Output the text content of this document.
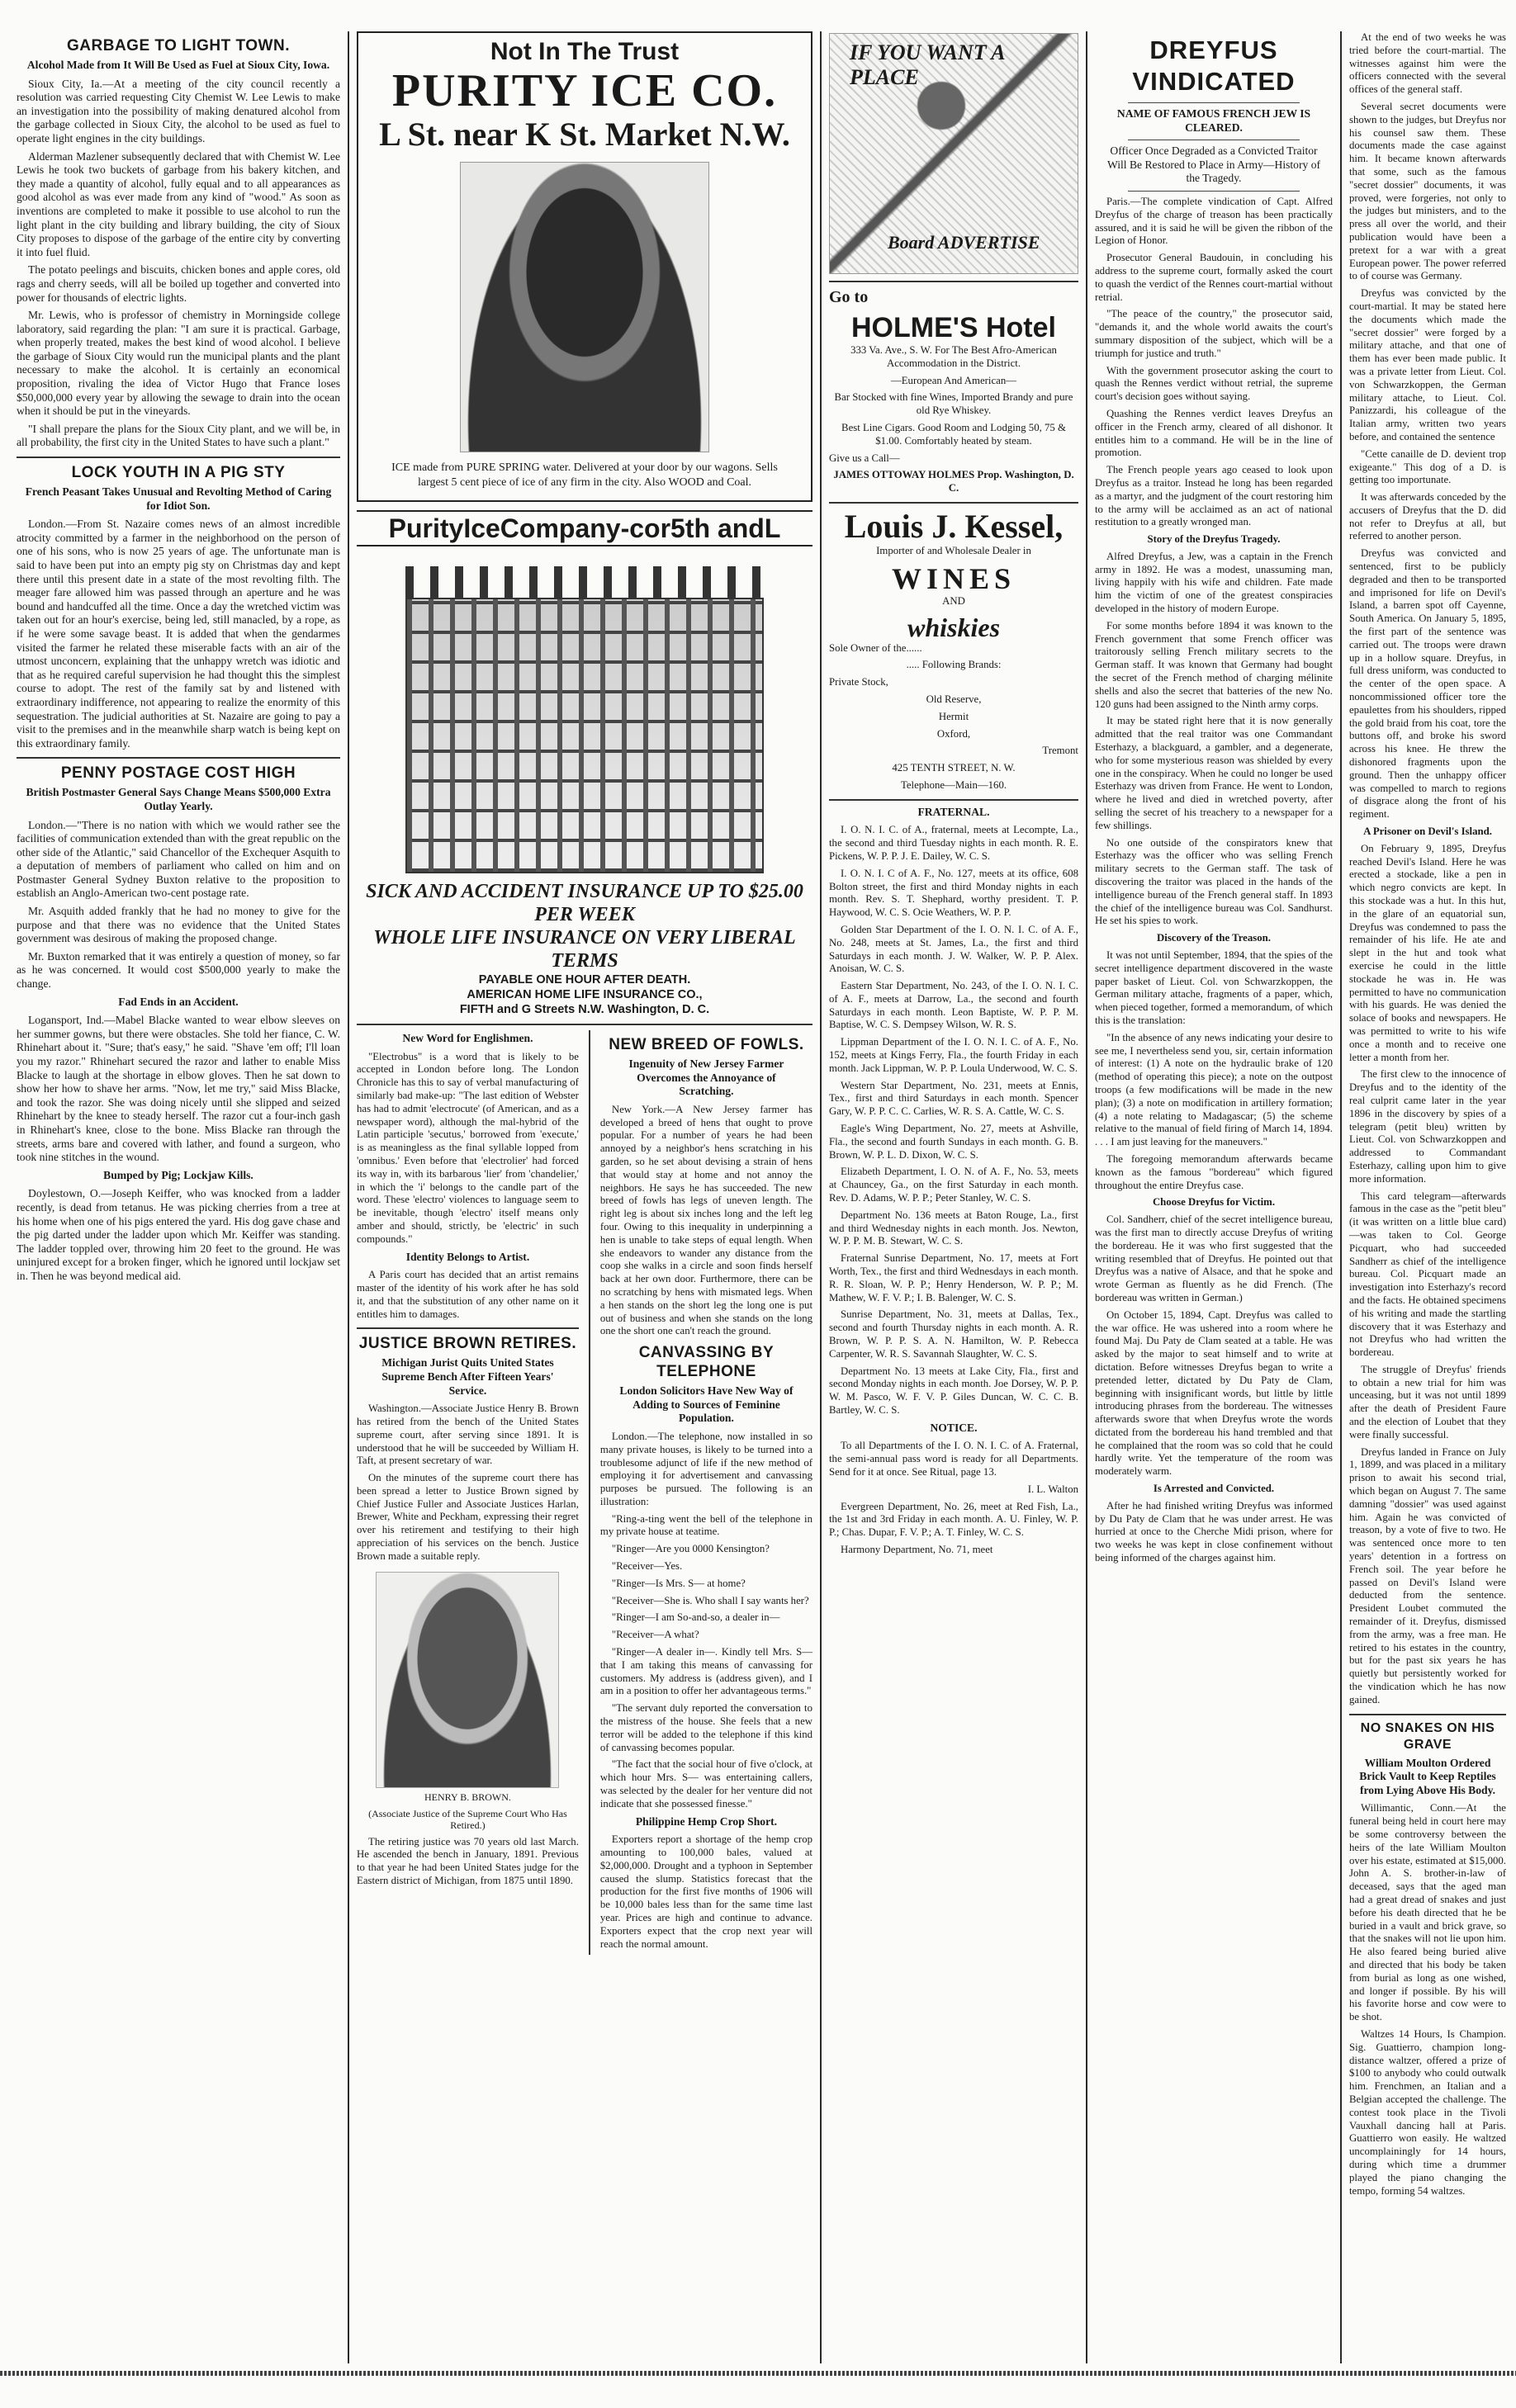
GARBAGE TO LIGHT TOWN.
Alcohol Made from It Will Be Used as Fuel at Sioux City, Iowa.

Sioux City, Ia.—At a meeting of the city council recently a resolution was carried requesting City Chemist W. Lee Lewis to make an investigation into the possibility of making denatured alcohol from the garbage collected in Sioux City, the alcohol to be used as fuel to operate light engines in the city buildings.

Alderman Mazlener subsequently declared that with Chemist W. Lee Lewis he took two buckets of garbage from his bakery kitchen, and they made a quantity of alcohol, fully equal and to all appearances as good alcohol as was ever made from any kind of "wood." As soon as inventions are completed to make it possible to use alcohol to run the light plant in the city building and library building, the city of Sioux City proposes to dispose of the garbage of the entire city by converting it into fuel fluid.

The potato peelings and biscuits, chicken bones and apple cores, old rags and cherry seeds, will all be boiled up together and converted into power for thousands of electric lights.

Mr. Lewis, who is professor of chemistry in Morningside college laboratory, said regarding the plan: "I am sure it is practical. Garbage, when properly treated, makes the best kind of wood alcohol. I believe the garbage of Sioux City would run the municipal plants and the plant necessary to make the alcohol. It is certainly an economical proposition, rivaling the idea of Victor Hugo that France loses $50,000,000 every year by allowing the sewage to drain into the ocean when it should be put in the vineyards.

"I shall prepare the plans for the Sioux City plant, and we will be, in all probability, the first city in the United States to have such a plant."

LOCK YOUTH IN A PIG STY
French Peasant Takes Unusual and Revolting Method of Caring for Idiot Son.

London.—From St. Nazaire comes news of an almost incredible atrocity committed by a farmer in the neighborhood on the person of one of his sons, who is now 25 years of age. The unfortunate man is said to have been put into an empty pig sty on Christmas day and kept there until this present date in a state of the most revolting filth. The meager fare allowed him was passed through an aperture and he was bound and handcuffed all the time. Once a day the wretched victim was taken out for an hour's exercise, being led, still manacled, by a rope, as if he were some savage beast. It is added that when the gendarmes visited the farmer he related these miserable facts with an air of the utmost unconcern, explaining that the unhappy wretch was idiotic and that as he required careful supervision he had thought this the simplest course to adopt. The rest of the family sat by and listened with extraordinary indifference, not appearing to realize the enormity of this sequestration. The judicial authorities at St. Nazaire are going to pay a visit to the premises and in the meanwhile sharp watch is being kept on this extraordinary family.

PENNY POSTAGE COST HIGH
British Postmaster General Says Change Means $500,000 Extra Outlay Yearly.

London.—"There is no nation with which we would rather see the facilities of communication extended than with the great republic on the other side of the Atlantic," said Chancellor of the Exchequer Asquith to a deputation of members of parliament who called on him and on Postmaster General Sydney Buxton relative to the proposition to establish an Anglo-American two-cent postage rate.

Mr. Asquith added frankly that he had no money to give for the purpose and that there was no evidence that the United States government was desirous of making the proposed change.

Mr. Buxton remarked that it was entirely a question of money, so far as he was concerned. It would cost $500,000 yearly to make the change.

Fad Ends in an Accident.

Logansport, Ind.—Mabel Blacke wanted to wear elbow sleeves on her summer gowns, but there were obstacles. She told her fiance, C. W. Rhinehart about it. "Sure; that's easy," he said. "Shave 'em off; I'll loan you my razor." Rhinehart secured the razor and lather to enable Miss Blacke to laugh at the shortage in elbow gloves. Then he sat down to show her how to shave her arms. "Now, let me try," said Miss Blacke, and took the razor. She was doing nicely until she slipped and seized Rhinehart by the knee to steady herself. The razor cut a four-inch gash in Rhinehart's knee, close to the bone. Miss Blacke ran through the streets, arms bare and covered with lather, and found a surgeon, who took nine stitches in the wound.

Bumped by Pig; Lockjaw Kills.

Doylestown, O.—Joseph Keiffer, who was knocked from a ladder recently, is dead from tetanus. He was picking cherries from a tree at his home when one of his pigs entered the yard. His dog gave chase and the pig darted under the ladder upon which Mr. Keiffer was standing. The ladder toppled over, throwing him 20 feet to the ground. He was uninjured except for a broken finger, which he ignored until lockjaw set in. Then he was beyond medical aid.

Not In The Trust
PURITY ICE CO.
L St. near K St. Market N.W.

ICE made from PURE SPRING water. Delivered at your door by our wagons. Sells largest 5 cent piece of ice of any firm in the city. Also WOOD and Coal.

PurityIceCompany-cor5th andL
SICK AND ACCIDENT INSURANCE UP TO $25.00 PER WEEK
WHOLE LIFE INSURANCE ON VERY LIBERAL TERMS
PAYABLE ONE HOUR AFTER DEATH.
AMERICAN HOME LIFE INSURANCE CO.,
FIFTH and G Streets N.W. Washington, D. C.
New Word for Englishmen.

"Electrobus" is a word that is likely to be accepted in London before long. The London Chronicle has this to say of verbal manufacturing of similarly bad make-up: "The last edition of Webster has had to admit 'electrocute' (of American, and as a newspaper word), although the mal-hybrid of the Latin participle 'secutus,' borrowed from 'execute,' is as meaningless as the final syllable lopped from 'omnibus.' Even before that 'electrolier' had forced its way in, with its barbarous 'lier' from 'chandelier,' in which the 'i' belongs to the candle part of the word. These 'electro' violences to language seem to be inevitable, though 'electro' itself means only amber and should, strictly, be 'electric' in such compounds."

Identity Belongs to Artist.

A Paris court has decided that an artist remains master of the identity of his work after he has sold it, and that the substitution of any other name on it entitles him to damages.

JUSTICE BROWN RETIRES.
Michigan Jurist Quits United States Supreme Bench After Fifteen Years' Service.

Washington.—Associate Justice Henry B. Brown has retired from the bench of the United States supreme court, after serving since 1891. It is understood that he will be succeeded by William H. Taft, at present secretary of war.

On the minutes of the supreme court there has been spread a letter to Justice Brown signed by Chief Justice Fuller and Associate Justices Harlan, Brewer, White and Peckham, expressing their regret over his retirement and testifying to their high appreciation of his services on the bench. Justice Brown made a suitable reply.

HENRY B. BROWN.

(Associate Justice of the Supreme Court Who Has Retired.)

The retiring justice was 70 years old last March. He ascended the bench in January, 1891. Previous to that year he had been United States judge for the Eastern district of Michigan, from 1875 until 1890.

NEW BREED OF FOWLS.
Ingenuity of New Jersey Farmer Overcomes the Annoyance of Scratching.

New York.—A New Jersey farmer has developed a breed of hens that ought to prove popular. For a number of years he had been annoyed by a neighbor's hens scratching in his garden, so he set about devising a strain of hens that would stay at home and not annoy the neighbors. He says he has succeeded. The new breed of fowls has legs of uneven length. The right leg is about six inches long and the left leg four. Owing to this inequality in underpinning a hen is unable to take steps of equal length. When she endeavors to wander any distance from the coop she walks in a circle and soon finds herself back at her own door. Furthermore, there can be no scratching by hens with mismated legs. When a hen stands on the short leg the long one is put out of business and when she stands on the long one the short one can't reach the ground.

CANVASSING BY TELEPHONE
London Solicitors Have New Way of Adding to Sources of Feminine Population.

London.—The telephone, now installed in so many private houses, is likely to be turned into a troublesome adjunct of life if the new method of employing it for advertisement and canvassing purposes be pursued. The following is an illustration:

"Ring-a-ting went the bell of the telephone in my private house at teatime.

"Ringer—Are you 0000 Kensington?

"Receiver—Yes.

"Ringer—Is Mrs. S— at home?

"Receiver—She is. Who shall I say wants her?

"Ringer—I am So-and-so, a dealer in—

"Receiver—A what?

"Ringer—A dealer in—. Kindly tell Mrs. S— that I am taking this means of canvassing for customers. My address is (address given), and I am in a position to offer her advantageous terms."

"The servant duly reported the conversation to the mistress of the house. She feels that a new terror will be added to the telephone if this kind of canvassing becomes popular.

"The fact that the social hour of five o'clock, at which hour Mrs. S— was entertaining callers, was selected by the dealer for her venture did not indicate that she possessed finesse."

Philippine Hemp Crop Short.

Exporters report a shortage of the hemp crop amounting to 100,000 bales, valued at $2,000,000. Drought and a typhoon in September caused the slump. Statistics forecast that the production for the first five months of 1906 will be 10,000 bales less than for the same time last year. Prices are high and continue to advance. Exporters expect that the crop next year will reach the normal amount.

IF YOU WANT A PLACE
Board ADVERTISE

Go to

HOLME'S Hotel

333 Va. Ave., S. W. For The Best Afro-American Accommodation in the District.

—European And American—

Bar Stocked with fine Wines, Imported Brandy and pure old Rye Whiskey.

Best Line Cigars. Good Room and Lodging 50, 75 & $1.00. Comfortably heated by steam.

Give us a Call—

JAMES OTTOWAY HOLMES Prop. Washington, D. C.

Louis J. Kessel,

Importer of and Wholesale Dealer in

WINES

AND

whiskies

Sole Owner of the......

..... Following Brands:

Private Stock,

Old Reserve,

Hermit

Oxford,

Tremont

425 TENTH STREET, N. W.

Telephone—Main—160.

FRATERNAL.

I. O. N. I. C. of A., fraternal, meets at Lecompte, La., the second and third Tuesday nights in each month. R. E. Pickens, W. P. P. J. E. Dailey, W. C. S.

I. O. N. I. C of A. F., No. 127, meets at its office, 608 Bolton street, the first and third Monday nights in each month. Rev. S. T. Shephard, worthy president. T. P. Haywood, W. C. S. Ocie Weathers, W. P. P.

Golden Star Department of the I. O. N. I. C. of A. F., No. 248, meets at St. James, La., the first and third Saturdays in each month. J. W. Walker, W. P. P. Alex. Anoisan, W. C. S.

Eastern Star Department, No. 243, of the I. O. N. I. C. of A. F., meets at Darrow, La., the second and fourth Saturdays in each month. Leon Baptiste, W. P. P. M. Baptise, W. C. S. Dempsey Wilson, W. R. S.

Lippman Department of the I. O. N. I. C. of A. F., No. 152, meets at Kings Ferry, Fla., the fourth Friday in each month. Jack Lippman, W. P. P. Loula Underwood, W. C. S.

Western Star Department, No. 231, meets at Ennis, Tex., first and third Saturdays in each month. Spencer Gary, W. P. P. C. C. Carlies, W. R. S. A. Cattle, W. C. S.

Eagle's Wing Department, No. 27, meets at Ashville, Fla., the second and fourth Sundays in each month. G. B. Brown, W. P. L. D. Dixon, W. C. S.

Elizabeth Department, I. O. N. of A. F., No. 53, meets at Chauncey, Ga., on the first Saturday in each month. Rev. D. Adams, W. P. P.; Peter Stanley, W. C. S.

Department No. 136 meets at Baton Rouge, La., first and third Wednesday nights in each month. Jos. Newton, W. P. P. M. B. Stewart, W. C. S.

Fraternal Sunrise Department, No. 17, meets at Fort Worth, Tex., the first and third Wednesdays in each month. R. R. Sloan, W. P. P.; Henry Henderson, W. P. P.; M. Mathew, W. F. V. P.; I. B. Balenger, W. C. S.

Sunrise Department, No. 31, meets at Dallas, Tex., second and fourth Thursday nights in each month. A. R. Brown, W. P. P. S. A. N. Hamilton, W. P. Rebecca Carpenter, W. R. S. Savannah Slaughter, W. C. S.

Department No. 13 meets at Lake City, Fla., first and second Monday nights in each month. Joe Dorsey, W. P. P. W. M. Pasco, W. F. V. P. Giles Duncan, W. C. C. B. Bartley, W. C. S.

NOTICE.

To all Departments of the I. O. N. I. C. of A. Fraternal, the semi-annual pass word is ready for all Departments. Send for it at once. See Ritual, page 13.

I. L. Walton

Evergreen Department, No. 26, meet at Red Fish, La., the 1st and 3rd Friday in each month. A. U. Finley, W. P. P.; Chas. Dupar, F. V. P.; A. T. Finley, W. C. S.

Harmony Department, No. 71, meet

DREYFUS VINDICATED
NAME OF FAMOUS FRENCH JEW IS CLEARED.
Officer Once Degraded as a Convicted Traitor Will Be Restored to Place in Army—History of the Tragedy.

Paris.—The complete vindication of Capt. Alfred Dreyfus of the charge of treason has been practically assured, and it is said he will be given the ribbon of the Legion of Honor.

Prosecutor General Baudouin, in concluding his address to the supreme court, formally asked the court to quash the verdict of the Rennes court-martial without retrial.

"The peace of the country," the prosecutor said, "demands it, and the whole world awaits the court's summary disposition of the subject, which will be a triumph for justice and truth."

With the government prosecutor asking the court to quash the Rennes verdict without retrial, the supreme court's decision goes without saying.

Quashing the Rennes verdict leaves Dreyfus an officer in the French army, cleared of all dishonor. It entitles him to a command. He will be in the line of promotion.

The French people years ago ceased to look upon Dreyfus as a traitor. Instead he long has been regarded as a martyr, and the judgment of the court restoring him to the army will be acclaimed as an act of national restitution to a greatly wronged man.

Story of the Dreyfus Tragedy.

Alfred Dreyfus, a Jew, was a captain in the French army in 1892. He was a modest, unassuming man, living happily with his wife and children. Fate made him the victim of one of the greatest conspiracies developed in the history of modern Europe.

For some months before 1894 it was known to the French government that some French officer was traitorously selling French military secrets to the German staff. It was known that Germany had bought the secret of the French method of charging mélinite shells and also the secret that batteries of the new No. 120 guns had been assigned to the Ninth army corps.

It may be stated right here that it is now generally admitted that the real traitor was one Commandant Esterhazy, a blackguard, a gambler, and a degenerate, who for some mysterious reason was shielded by every one in the conspiracy. When he could no longer be used Esterhazy was driven from France. He went to London, where he lived and died in wretched poverty, after selling the secret of his treachery to a newspaper for a few shillings.

No one outside of the conspirators knew that Esterhazy was the officer who was selling French military secrets to the German staff. The task of discovering the traitor was placed in the hands of the intelligence bureau of the French general staff. In 1893 the chief of the intelligence bureau was Col. Sandhurst. He set his spies to work.

Discovery of the Treason.

It was not until September, 1894, that the spies of the secret intelligence department discovered in the waste paper basket of Lieut. Col. von Schwarzkoppen, the German military attache, fragments of a paper, which, when pieced together, formed a memorandum, of which this is the translation:

"In the absence of any news indicating your desire to see me, I nevertheless send you, sir, certain information of interest: (1) A note on the hydraulic brake of 120 (method of operating this piece); a note on the outpost troops (a few modifications will be made in the new plan); (3) a note on modification in artillery formation; (4) a note relating to Madagascar; (5) the scheme relative to the manual of field firing of March 14, 1894. . . . I am just leaving for the maneuvers."

The foregoing memorandum afterwards became known as the famous "bordereau" which figured throughout the entire Dreyfus case.

Choose Dreyfus for Victim.

Col. Sandherr, chief of the secret intelligence bureau, was the first man to directly accuse Dreyfus of writing the bordereau. He it was who first suggested that the writing resembled that of Dreyfus. He pointed out that Dreyfus was a native of Alsace, and that he spoke and wrote German as fluently as he did French. (The bordereau was written in German.)

On October 15, 1894, Capt. Dreyfus was called to the war office. He was ushered into a room where he found Maj. Du Paty de Clam seated at a table. He was asked by the major to seat himself and to write at dictation. Before witnesses Dreyfus began to write a pretended letter, dictated by Du Paty de Clam, beginning with insignificant words, but little by little introducing phrases from the bordereau. The witnesses afterwards swore that when Dreyfus wrote the words dictated from the bordereau his hand trembled and that he complained that the room was so cold that he could hardly write. Yet the temperature of the room was moderately warm.

Is Arrested and Convicted.

After he had finished writing Dreyfus was informed by Du Paty de Clam that he was under arrest. He was hurried at once to the Cherche Midi prison, where for two weeks he was kept in close confinement without being informed of the charges against him.

At the end of two weeks he was tried before the court-martial. The witnesses against him were the officers connected with the several offices of the general staff.

Several secret documents were shown to the judges, but Dreyfus nor his counsel saw them. These documents made the case against him. It became known afterwards that some, such as the famous "secret dossier" documents, it was proved, were forgeries, not only to the judges but ministers, and to the press all over the world, and their publication would have been a pretext for a war with a great European power. The power referred to of course was Germany.

Dreyfus was convicted by the court-martial. It may be stated here the documents which made the "secret dossier" were forged by a military attache, and that one of them has ever been made public. It was a private letter from Lieut. Col. von Schwarzkoppen, the German military attache, to Lieut. Col. Panizzardi, his colleague of the Italian army, written two years before, and contained the sentence

"Cette canaille de D. devient trop exigeante." This dog of a D. is getting too importunate.

It was afterwards conceded by the accusers of Dreyfus that the D. did not refer to Dreyfus at all, but referred to another person.

Dreyfus was convicted and sentenced, first to be publicly degraded and then to be transported and imprisoned for life on Devil's Island, a barren spot off Cayenne, South America. On January 5, 1895, the first part of the sentence was carried out. The troops were drawn up in a hollow square. Dreyfus, in full dress uniform, was conducted to the center of the open space. A noncommissioned officer tore the epaulettes from his shoulders, ripped the gold braid from his coat, tore the buttons off, and broke his sword across his knee. He threw the dishonored fragments upon the ground. Then the unhappy officer was compelled to march to regions of disgrace along the front of his regiment.

A Prisoner on Devil's Island.

On February 9, 1895, Dreyfus reached Devil's Island. Here he was erected a stockade, like a pen in which negro convicts are kept. In this stockade was a hut. In this hut, in the glare of an equatorial sun, Dreyfus was condemned to pass the remainder of his life. He ate and slept in the hut and took what exercise he could in the little stockade he was in. He was permitted to have no communication with his guards. He was denied the solace of books and newspapers. He was permitted to write to his wife once a month and to receive one letter a month from her.

The first clew to the innocence of Dreyfus and to the identity of the real culprit came later in the year 1896 in the discovery by spies of a telegram (petit bleu) written by Lieut. Col. von Schwarzkoppen and addressed to Commandant Esterhazy, calling upon him to give more information.

This card telegram—afterwards famous in the case as the "petit bleu" (it was written on a little blue card)—was taken to Col. George Picquart, who had succeeded Sandherr as chief of the intelligence bureau. Col. Picquart made an investigation into Esterhazy's record and the facts. He obtained specimens of his writing and made the startling discovery that it was Esterhazy and not Dreyfus who had written the bordereau.

The struggle of Dreyfus' friends to obtain a new trial for him was unceasing, but it was not until 1899 after the death of President Faure and the election of Loubet that they were finally successful.

Dreyfus landed in France on July 1, 1899, and was placed in a military prison to await his second trial, which began on August 7. The same damning "dossier" was used against him. Again he was convicted of treason, by a vote of five to two. He was sentenced once more to ten years' detention in a fortress on French soil. The year before he passed on Devil's Island were deducted from the sentence. President Loubet commuted the remainder of it. Dreyfus, dismissed from the army, was a free man. He retired to his estates in the country, but for the past six years he has quietly but persistently worked for the vindication which he has now gained.

NO SNAKES ON HIS GRAVE
William Moulton Ordered Brick Vault to Keep Reptiles from Lying Above His Body.

Willimantic, Conn.—At the funeral being held in court here may be some controversy between the heirs of the late William Moulton over his estate, estimated at $15,000. John A. S. brother-in-law of deceased, says that the aged man had a great dread of snakes and just before his death directed that he be buried in a vault and brick grave, so that the snakes will not lie upon him. He also feared being buried alive and directed that his body be taken from burial as long as one wished, and longer if possible. By his will his favorite horse and cow were to be shot.

Waltzes 14 Hours, Is Champion. Sig. Guattierro, champion long-distance waltzer, offered a prize of $100 to anybody who could outwalk him. Frenchmen, an Italian and a Belgian accepted the challenge. The contest took place in the Tivoli Vauxhall dancing hall at Paris. Guattierro won easily. He waltzed uncomplainingly for 14 hours, during which time a drummer played the piano changing the tempo, forming 54 waltzes.
